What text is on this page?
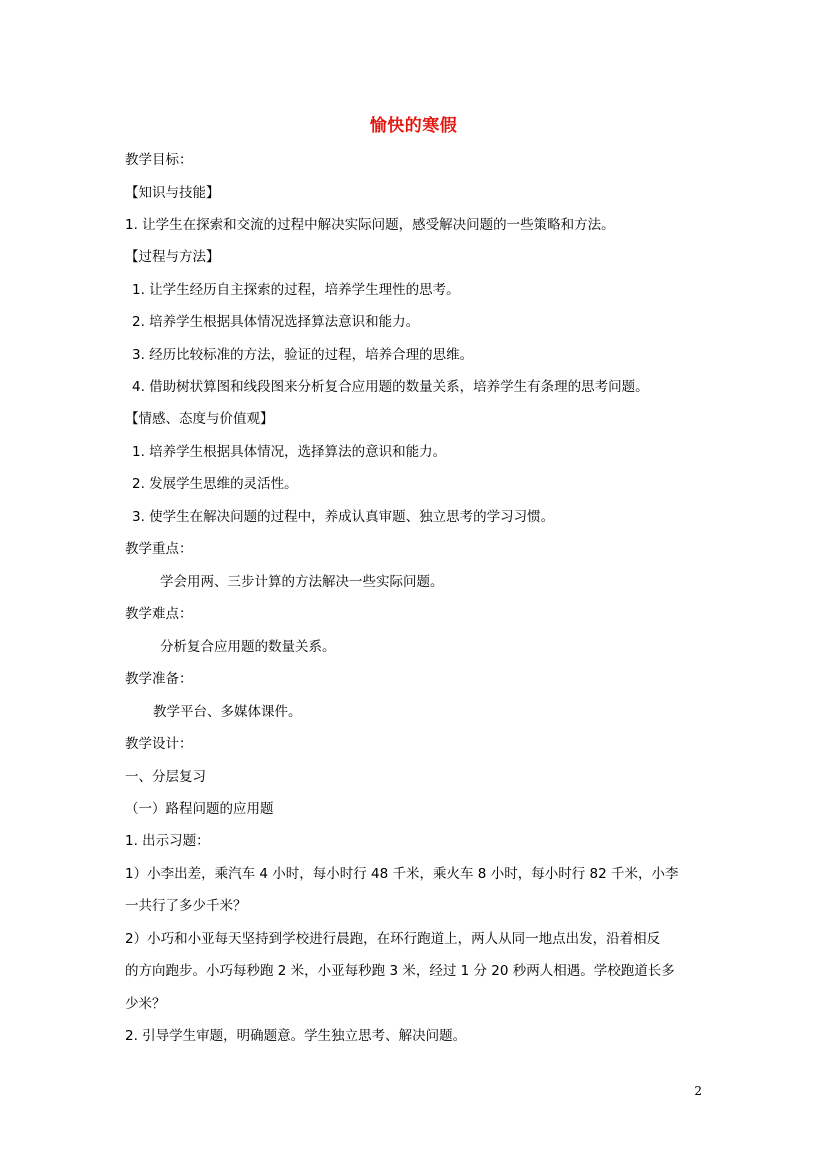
愉快的寒假
教学目标：
【知识与技能】
1. 让学生在探索和交流的过程中解决实际问题，感受解决问题的一些策略和方法。
【过程与方法】
1. 让学生经历自主探索的过程，培养学生理性的思考。
2. 培养学生根据具体情况选择算法意识和能力。
3. 经历比较标准的方法，验证的过程，培养合理的思维。
4. 借助树状算图和线段图来分析复合应用题的数量关系，培养学生有条理的思考问题。
【情感、态度与价值观】
1. 培养学生根据具体情况，选择算法的意识和能力。
2. 发展学生思维的灵活性。
3. 使学生在解决问题的过程中，养成认真审题、独立思考的学习习惯。
教学重点：
学会用两、三步计算的方法解决一些实际问题。
教学难点：
分析复合应用题的数量关系。
教学准备：
教学平台、多媒体课件。
教学设计：
一、分层复习
（一）路程问题的应用题
1. 出示习题：
1）小李出差，乘汽车 4 小时，每小时行 48 千米，乘火车 8 小时，每小时行 82 千米，小李
一共行了多少千米？
2）小巧和小亚每天坚持到学校进行晨跑，在环行跑道上，两人从同一地点出发，沿着相反
的方向跑步。小巧每秒跑 2 米，小亚每秒跑 3 米，经过 1 分 20 秒两人相遇。学校跑道长多
少米？
2. 引导学生审题，明确题意。学生独立思考、解决问题。
2
